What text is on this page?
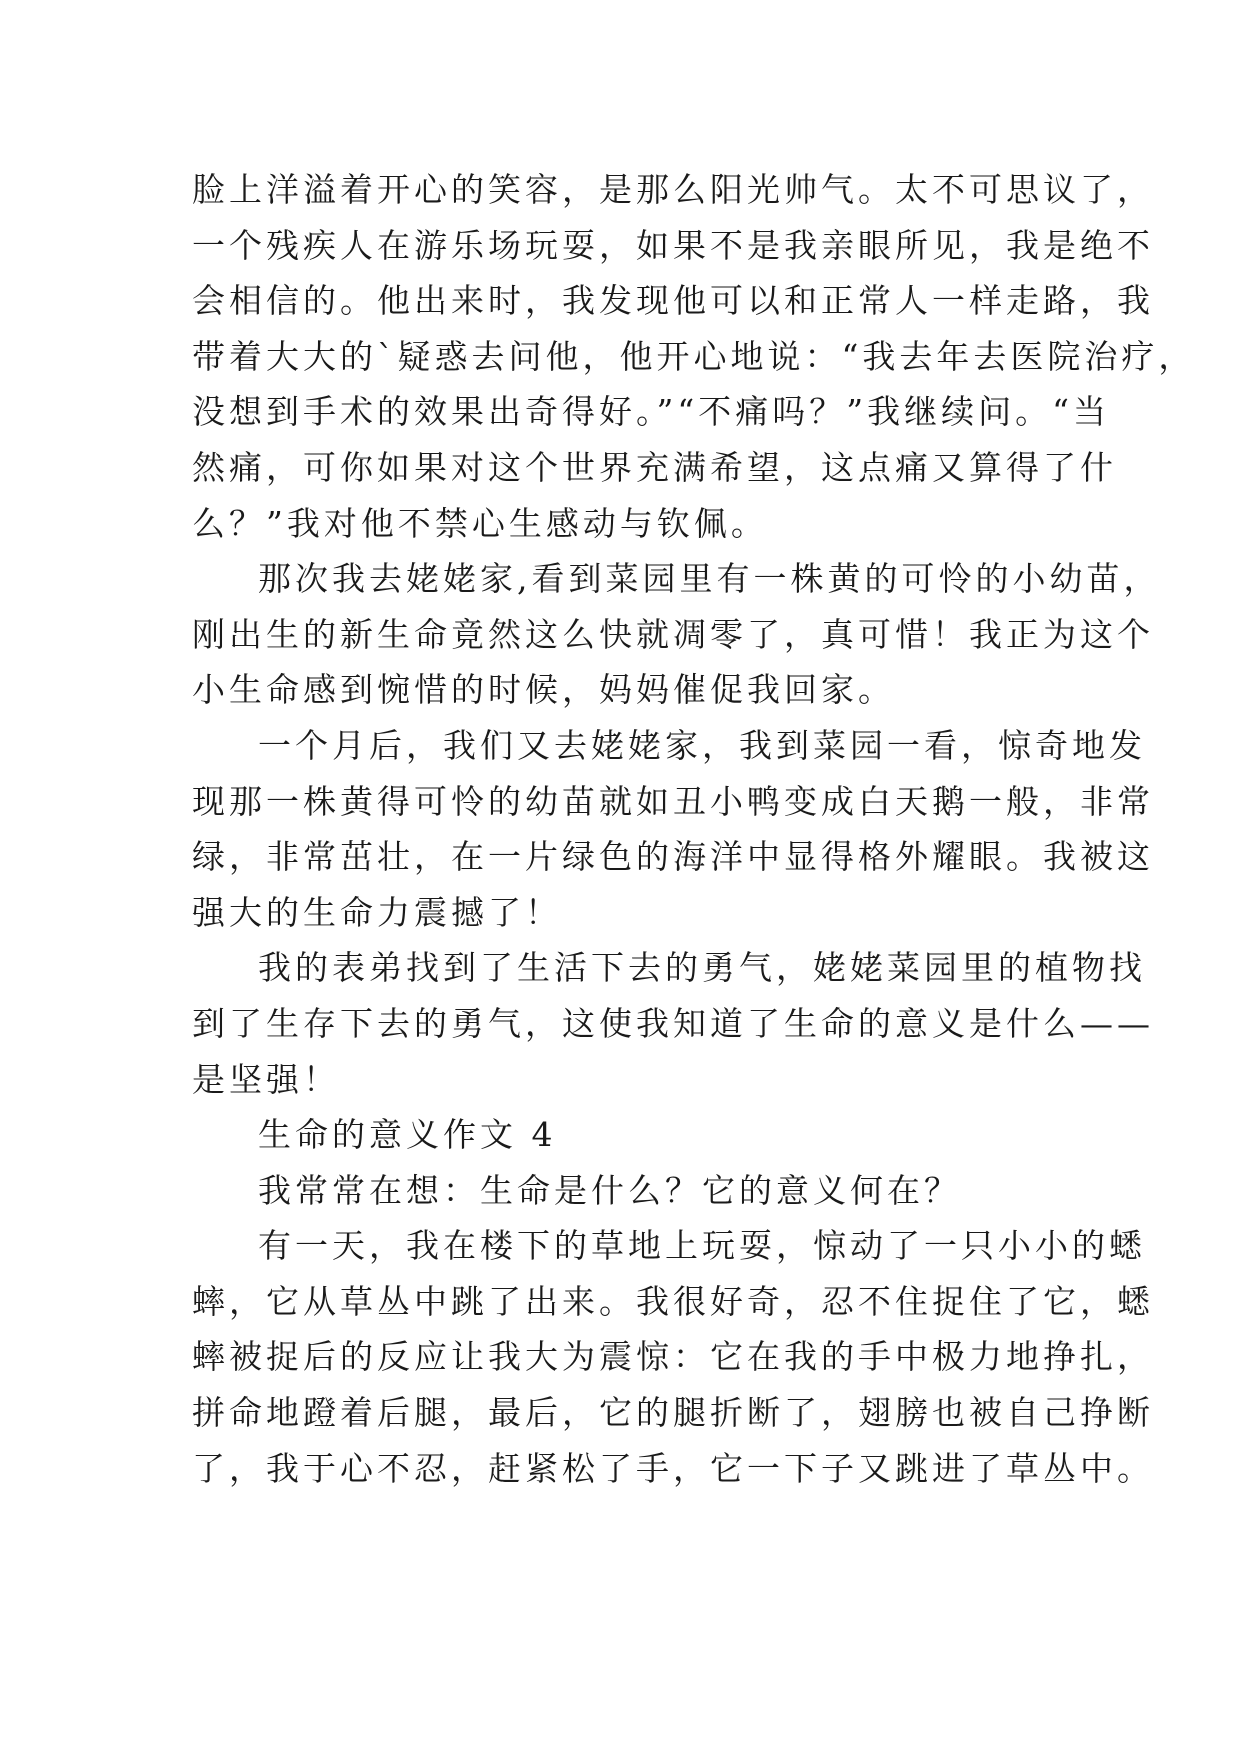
脸上洋溢着开心的笑容，是那么阳光帅气。太不可思议了，
一个残疾人在游乐场玩耍，如果不是我亲眼所见，我是绝不
会相信的。他出来时，我发现他可以和正常人一样走路，我
带着大大的`疑惑去问他，他开心地说：“我去年去医院治疗，
没想到手术的效果出奇得好。”“不痛吗？”我继续问。“当
然痛，可你如果对这个世界充满希望，这点痛又算得了什
么？”我对他不禁心生感动与钦佩。

那次我去姥姥家,看到菜园里有一株黄的可怜的小幼苗，
刚出生的新生命竟然这么快就凋零了，真可惜！我正为这个
小生命感到惋惜的时候，妈妈催促我回家。

一个月后，我们又去姥姥家，我到菜园一看，惊奇地发
现那一株黄得可怜的幼苗就如丑小鸭变成白天鹅一般，非常
绿，非常茁壮，在一片绿色的海洋中显得格外耀眼。我被这
强大的生命力震撼了！

我的表弟找到了生活下去的勇气，姥姥菜园里的植物找
到了生存下去的勇气，这使我知道了生命的意义是什么——
是坚强！

生命的意义作文 4

我常常在想：生命是什么？它的意义何在？

有一天，我在楼下的草地上玩耍，惊动了一只小小的蟋
蟀，它从草丛中跳了出来。我很好奇，忍不住捉住了它，蟋
蟀被捉后的反应让我大为震惊：它在我的手中极力地挣扎，
拼命地蹬着后腿，最后，它的腿折断了，翅膀也被自己挣断
了，我于心不忍，赶紧松了手，它一下子又跳进了草丛中。
